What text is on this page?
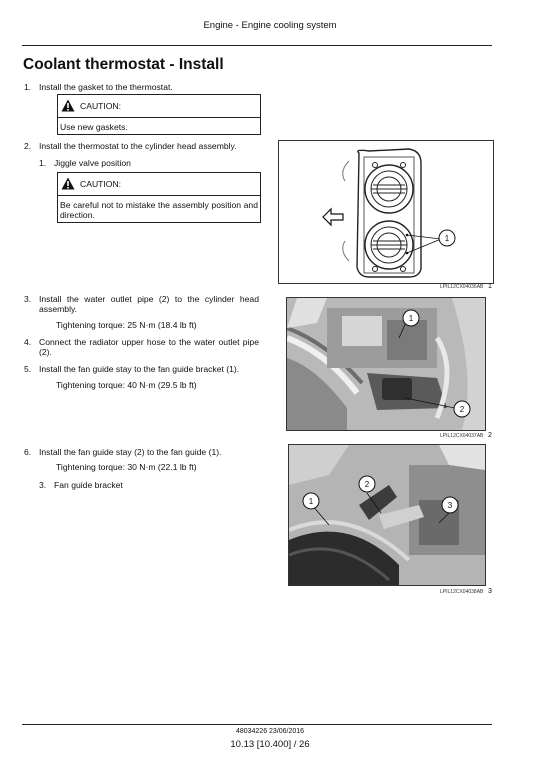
Engine - Engine cooling system
Coolant thermostat - Install
1. Install the gasket to the thermostat.
CAUTION:
Use new gaskets.
2. Install the thermostat to the cylinder head assembly.
1. Jiggle valve position
CAUTION:
Be careful not to mistake the assembly position and direction.
1
LPIL12CX04036AB 1
3. Install the water outlet pipe (2) to the cylinder head assembly.
Tightening torque: 25 N·m (18.4 lb ft)
4. Connect the radiator upper hose to the water outlet pipe (2).
5. Install the fan guide stay to the fan guide bracket (1).
Tightening torque: 40 N·m (29.5 lb ft)
1
2
LPIL12CX04037AB 2
6. Install the fan guide stay (2) to the fan guide (1).
Tightening torque: 30 N·m (22.1 lb ft)
3. Fan guide bracket
1
2
3
LPIL12CX04038AB 3
48034226 23/06/2016
10.13 [10.400] / 26
